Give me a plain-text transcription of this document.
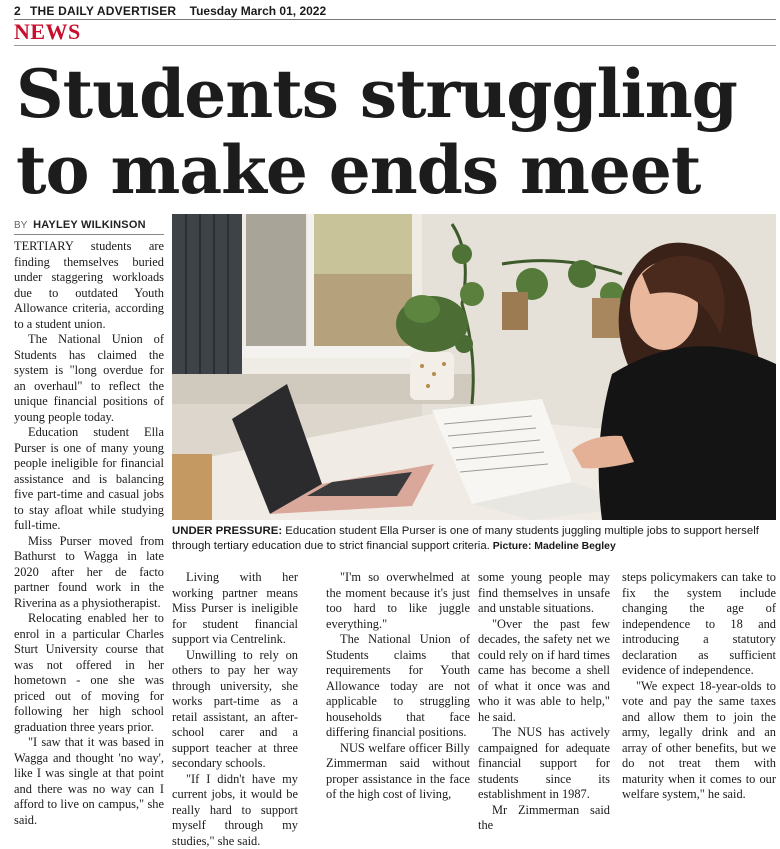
2 THE DAILY ADVERTISER Tuesday March 01, 2022
NEWS
Students struggling to make ends meet
BY HAYLEY WILKINSON

TERTIARY students are finding themselves buried under staggering workloads due to outdated Youth Allowance criteria, according to a student union.

The National Union of Students has claimed the system is "long overdue for an overhaul" to reflect the unique financial positions of young people today.

Education student Ella Purser is one of many young people ineligible for financial assistance and is balancing five part-time and casual jobs to stay afloat while studying full-time.

Miss Purser moved from Bathurst to Wagga in late 2020 after her de facto partner found work in the Riverina as a physiotherapist.

Relocating enabled her to enrol in a particular Charles Sturt University course that was not offered in her hometown - one she was priced out of moving for following her high school graduation three years prior.

"I saw that it was based in Wagga and thought 'no way', like I was single at that point and there was no way can I afford to live on campus," she said.

UNDER PRESSURE: Education student Ella Purser is one of many students juggling multiple jobs to support herself through tertiary education due to strict financial support criteria. Picture: Madeline Begley

Living with her working partner means Miss Purser is ineligible for student financial support via Centrelink.

Unwilling to rely on others to pay her way through university, she works part-time as a retail assistant, an after-school carer and a support teacher at three secondary schools.

"If I didn't have my current jobs, it would be really hard to support myself through my studies," she said.

"I'm so overwhelmed at the moment because it's just too hard to like juggle everything."

The National Union of Students claims that requirements for Youth Allowance today are not applicable to struggling households that face differing financial positions.

NUS welfare officer Billy Zimmerman said without proper assistance in the face of the high cost of living,

some young people may find themselves in unsafe and unstable situations.

"Over the past few decades, the safety net we could rely on if hard times came has become a shell of what it once was and who it was able to help," he said.

The NUS has actively campaigned for adequate financial support for students since its establishment in 1987.

Mr Zimmerman said the

steps policymakers can take to fix the system include changing the age of independence to 18 and introducing a statutory declaration as sufficient evidence of independence.

"We expect 18-year-olds to vote and pay the same taxes and allow them to join the army, legally drink and an array of other benefits, but we do not treat them with maturity when it comes to our welfare system," he said.
